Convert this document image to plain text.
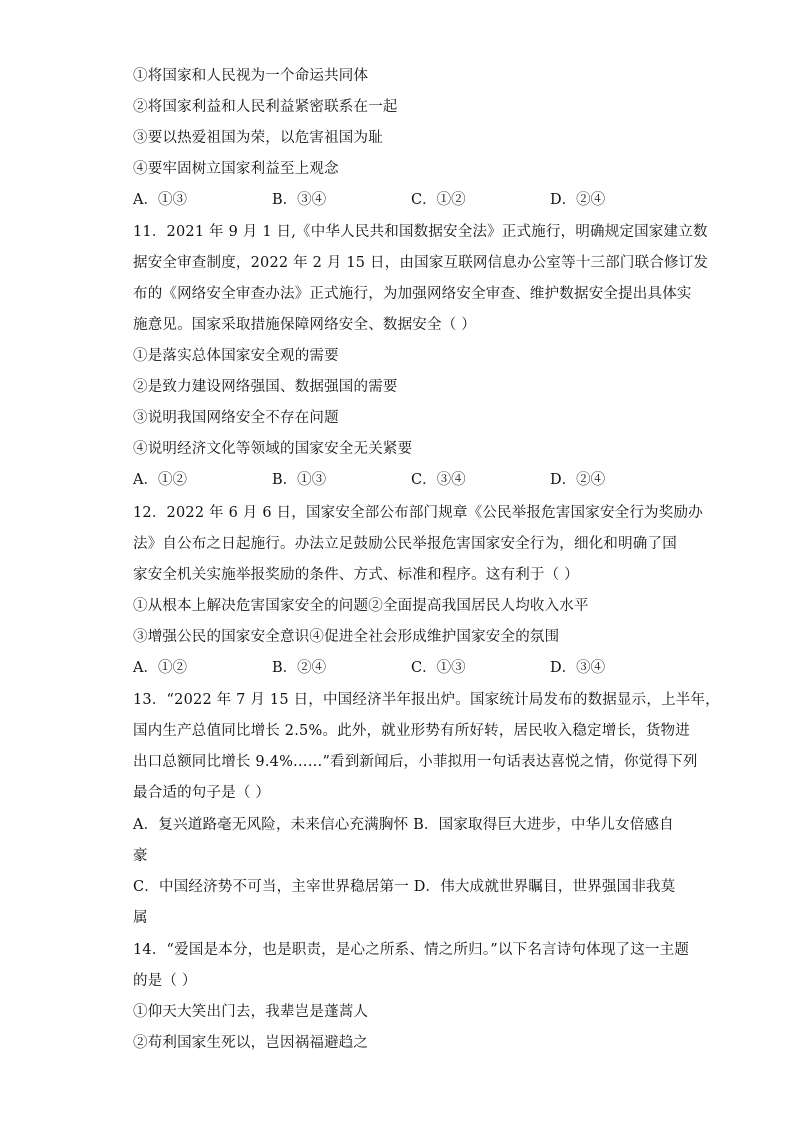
①将国家和人民视为一个命运共同体
②将国家利益和人民利益紧密联系在一起
③要以热爱祖国为荣，以危害祖国为耻
④要牢固树立国家利益至上观念
A．①③	B．③④	C．①②	D．②④
11．2021 年 9 月 1 日,《中华人民共和国数据安全法》正式施行，明确规定国家建立数
据安全审查制度，2022 年 2 月 15 日，由国家互联网信息办公室等十三部门联合修订发
布的《网络安全审查办法》正式施行，为加强网络安全审查、维护数据安全提出具体实
施意见。国家采取措施保障网络安全、数据安全（ ）
①是落实总体国家安全观的需要
②是致力建设网络强国、数据强国的需要
③说明我国网络安全不存在问题
④说明经济文化等领域的国家安全无关紧要
A．①②	B．①③	C．③④	D．②④
12．2022 年 6 月 6 日，国家安全部公布部门规章《公民举报危害国家安全行为奖励办
法》自公布之日起施行。办法立足鼓励公民举报危害国家安全行为，细化和明确了国
家安全机关实施举报奖励的条件、方式、标准和程序。这有利于（ ）
①从根本上解决危害国家安全的问题②全面提高我国居民人均收入水平
③增强公民的国家安全意识④促进全社会形成维护国家安全的氛围
A．①②	B．②④	C．①③	D．③④
13．“2022 年 7 月 15 日，中国经济半年报出炉。国家统计局发布的数据显示，上半年，
国内生产总值同比增长 2.5%。此外，就业形势有所好转，居民收入稳定增长，货物进
出口总额同比增长 9.4%……”看到新闻后，小菲拟用一句话表达喜悦之情，你觉得下列
最合适的句子是（ ）
A．复兴道路毫无风险，未来信心充满胸怀 B．国家取得巨大进步，中华儿女倍感自
豪
C．中国经济势不可当，主宰世界稳居第一 D．伟大成就世界瞩目，世界强国非我莫
属
14．“爱国是本分，也是职责，是心之所系、情之所归。”以下名言诗句体现了这一主题
的是（ ）
①仰天大笑出门去，我辈岂是蓬蒿人
②苟利国家生死以，岂因祸福避趋之
